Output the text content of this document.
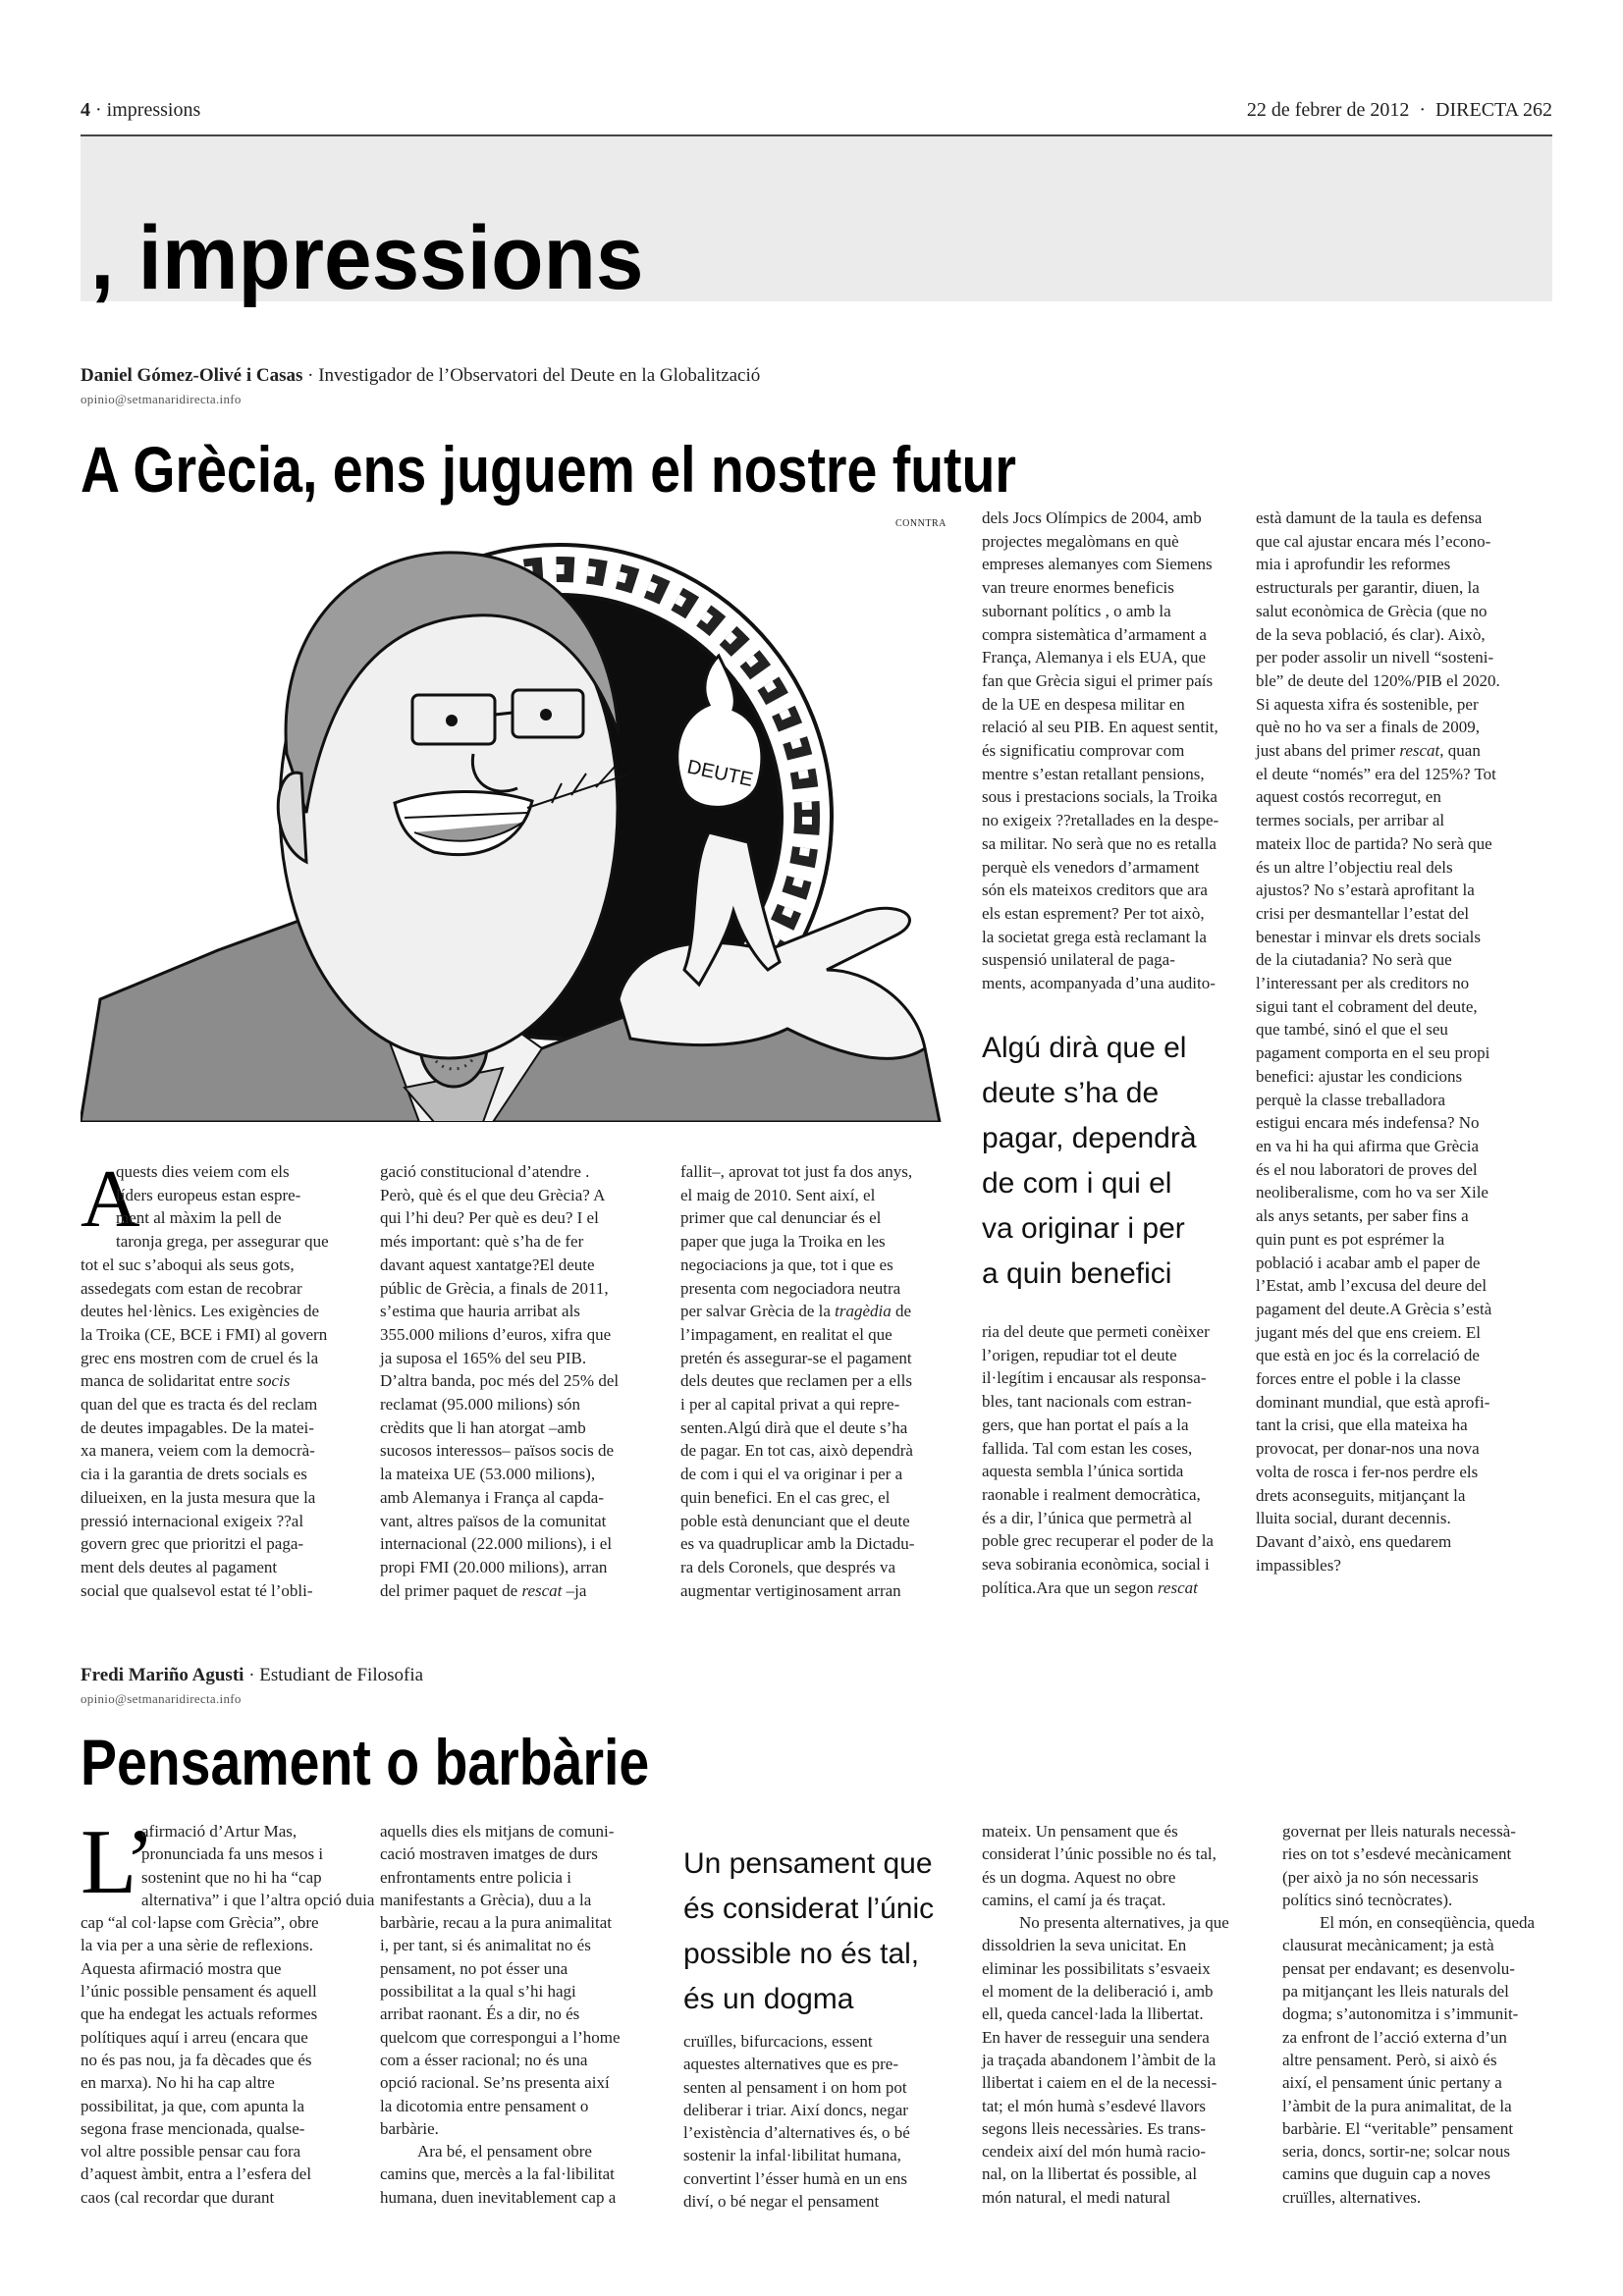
4 · impressions	22 de febrer de 2012 · DIRECTA 262
, impressions
Daniel Gómez-Olivé i Casas · Investigador de l’Observatori del Deute en la Globalització
opinio@setmanaridirecta.info
A Grècia, ens juguem el nostre futur
CONNTRA
DEUTE
A
quests dies veiem com els
líders europeus estan espre-
ment al màxim la pell de
taronja grega, per assegurar que
tot el suc s’aboqui als seus gots,
assedegats com estan de recobrar
deutes hel·lènics. Les exigències de
la Troika (CE, BCE i FMI) al govern
grec ens mostren com de cruel és la
manca de solidaritat entre socis
quan del que es tracta és del reclam
de deutes impagables. De la matei-
xa manera, veiem com la democrà-
cia i la garantia de drets socials es
dilueixen, en la justa mesura que la
pressió internacional exigeix ??al
govern grec que prioritzi el paga-
ment dels deutes al pagament
social que qualsevol estat té l’obli-
gació constitucional d’atendre .
Però, què és el que deu Grècia? A
qui l’hi deu? Per què es deu? I el
més important: què s’ha de fer
davant aquest xantatge?El deute
públic de Grècia, a finals de 2011,
s’estima que hauria arribat als
355.000 milions d’euros, xifra que
ja suposa el 165% del seu PIB.
D’altra banda, poc més del 25% del
reclamat (95.000 milions) són
crèdits que li han atorgat –amb
sucosos interessos– països socis de
la mateixa UE (53.000 milions),
amb Alemanya i França al capda-
vant, altres països de la comunitat
internacional (22.000 milions), i el
propi FMI (20.000 milions), arran
del primer paquet de rescat –ja
fallit–, aprovat tot just fa dos anys,
el maig de 2010. Sent així, el
primer que cal denunciar és el
paper que juga la Troika en les
negociacions ja que, tot i que es
presenta com negociadora neutra
per salvar Grècia de la tragèdia de
l’impagament, en realitat el que
pretén és assegurar-se el pagament
dels deutes que reclamen per a ells
i per al capital privat a qui repre-
senten.Algú dirà que el deute s’ha
de pagar. En tot cas, això dependrà
de com i qui el va originar i per a
quin benefici. En el cas grec, el
poble està denunciant que el deute
es va quadruplicar amb la Dictadu-
ra dels Coronels, que després va
augmentar vertiginosament arran
dels Jocs Olímpics de 2004, amb
projectes megalòmans en què
empreses alemanyes com Siemens
van treure enormes beneficis
subornant polítics , o amb la
compra sistemàtica d’armament a
França, Alemanya i els EUA, que
fan que Grècia sigui el primer país
de la UE en despesa militar en
relació al seu PIB. En aquest sentit,
és significatiu comprovar com
mentre s’estan retallant pensions,
sous i prestacions socials, la Troika
no exigeix ??retallades en la despe-
sa militar. No serà que no es retalla
perquè els venedors d’armament
són els mateixos creditors que ara
els estan esprement? Per tot això,
la societat grega està reclamant la
suspensió unilateral de paga-
ments, acompanyada d’una audito-
Algú dirà que el
deute s’ha de
pagar, dependrà
de com i qui el
va originar i per
a quin benefici
ria del deute que permeti conèixer
l’origen, repudiar tot el deute
il·legítim i encausar als responsa-
bles, tant nacionals com estran-
gers, que han portat el país a la
fallida. Tal com estan les coses,
aquesta sembla l’única sortida
raonable i realment democràtica,
és a dir, l’única que permetrà al
poble grec recuperar el poder de la
seva sobirania econòmica, social i
política.Ara que un segon rescat
està damunt de la taula es defensa
que cal ajustar encara més l’econo-
mia i aprofundir les reformes
estructurals per garantir, diuen, la
salut econòmica de Grècia (que no
de la seva població, és clar). Això,
per poder assolir un nivell “sosteni-
ble” de deute del 120%/PIB el 2020.
Si aquesta xifra és sostenible, per
què no ho va ser a finals de 2009,
just abans del primer rescat, quan
el deute “només” era del 125%? Tot
aquest costós recorregut, en
termes socials, per arribar al
mateix lloc de partida? No serà que
és un altre l’objectiu real dels
ajustos? No s’estarà aprofitant la
crisi per desmantellar l’estat del
benestar i minvar els drets socials
de la ciutadania? No serà que
l’interessant per als creditors no
sigui tant el cobrament del deute,
que també, sinó el que el seu
pagament comporta en el seu propi
benefici: ajustar les condicions
perquè la classe treballadora
estigui encara més indefensa? No
en va hi ha qui afirma que Grècia
és el nou laboratori de proves del
neoliberalisme, com ho va ser Xile
als anys setants, per saber fins a
quin punt es pot esprémer la
població i acabar amb el paper de
l’Estat, amb l’excusa del deure del
pagament del deute.A Grècia s’està
jugant més del que ens creiem. El
que està en joc és la correlació de
forces entre el poble i la classe
dominant mundial, que està aprofi-
tant la crisi, que ella mateixa ha
provocat, per donar-nos una nova
volta de rosca i fer-nos perdre els
drets aconseguits, mitjançant la
lluita social, durant decennis.
Davant d’això, ens quedarem
impassibles?
Fredi Mariño Agusti · Estudiant de Filosofia
opinio@setmanaridirecta.info
Pensament o barbàrie
L’
afirmació d’Artur Mas,
pronunciada fa uns mesos i
sostenint que no hi ha “cap
alternativa” i que l’altra opció duia
cap “al col·lapse com Grècia”, obre
la via per a una sèrie de reflexions.
Aquesta afirmació mostra que
l’únic possible pensament és aquell
que ha endegat les actuals reformes
polítiques aquí i arreu (encara que
no és pas nou, ja fa dècades que és
en marxa). No hi ha cap altre
possibilitat, ja que, com apunta la
segona frase mencionada, qualse-
vol altre possible pensar cau fora
d’aquest àmbit, entra a l’esfera del
caos (cal recordar que durant
aquells dies els mitjans de comuni-
cació mostraven imatges de durs
enfrontaments entre policia i
manifestants a Grècia), duu a la
barbàrie, recau a la pura animalitat
i, per tant, si és animalitat no és
pensament, no pot ésser una
possibilitat a la qual s’hi hagi
arribat raonant. És a dir, no és
quelcom que correspongui a l’home
com a ésser racional; no és una
opció racional. Se’ns presenta així
la dicotomia entre pensament o
barbàrie.
Ara bé, el pensament obre
camins que, mercès a la fal·libilitat
humana, duen inevitablement cap a
Un pensament que
és considerat l’únic
possible no és tal,
és un dogma
cruïlles, bifurcacions, essent
aquestes alternatives que es pre-
senten al pensament i on hom pot
deliberar i triar. Així doncs, negar
l’existència d’alternatives és, o bé
sostenir la infal·libilitat humana,
convertint l’ésser humà en un ens
diví, o bé negar el pensament
mateix. Un pensament que és
considerat l’únic possible no és tal,
és un dogma. Aquest no obre
camins, el camí ja és traçat.
No presenta alternatives, ja que
dissoldrien la seva unicitat. En
eliminar les possibilitats s’esvaeix
el moment de la deliberació i, amb
ell, queda cancel·lada la llibertat.
En haver de resseguir una sendera
ja traçada abandonem l’àmbit de la
llibertat i caiem en el de la necessi-
tat; el món humà s’esdevé llavors
segons lleis necessàries. Es trans-
cendeix així del món humà racio-
nal, on la llibertat és possible, al
món natural, el medi natural
governat per lleis naturals necessà-
ries on tot s’esdevé mecànicament
(per això ja no són necessaris
polítics sinó tecnòcrates).
El món, en conseqüència, queda
clausurat mecànicament; ja està
pensat per endavant; es desenvolu-
pa mitjançant les lleis naturals del
dogma; s’autonomitza i s’immunit-
za enfront de l’acció externa d’un
altre pensament. Però, si això és
així, el pensament únic pertany a
l’àmbit de la pura animalitat, de la
barbàrie. El “veritable” pensament
seria, doncs, sortir-ne; solcar nous
camins que duguin cap a noves
cruïlles, alternatives.
